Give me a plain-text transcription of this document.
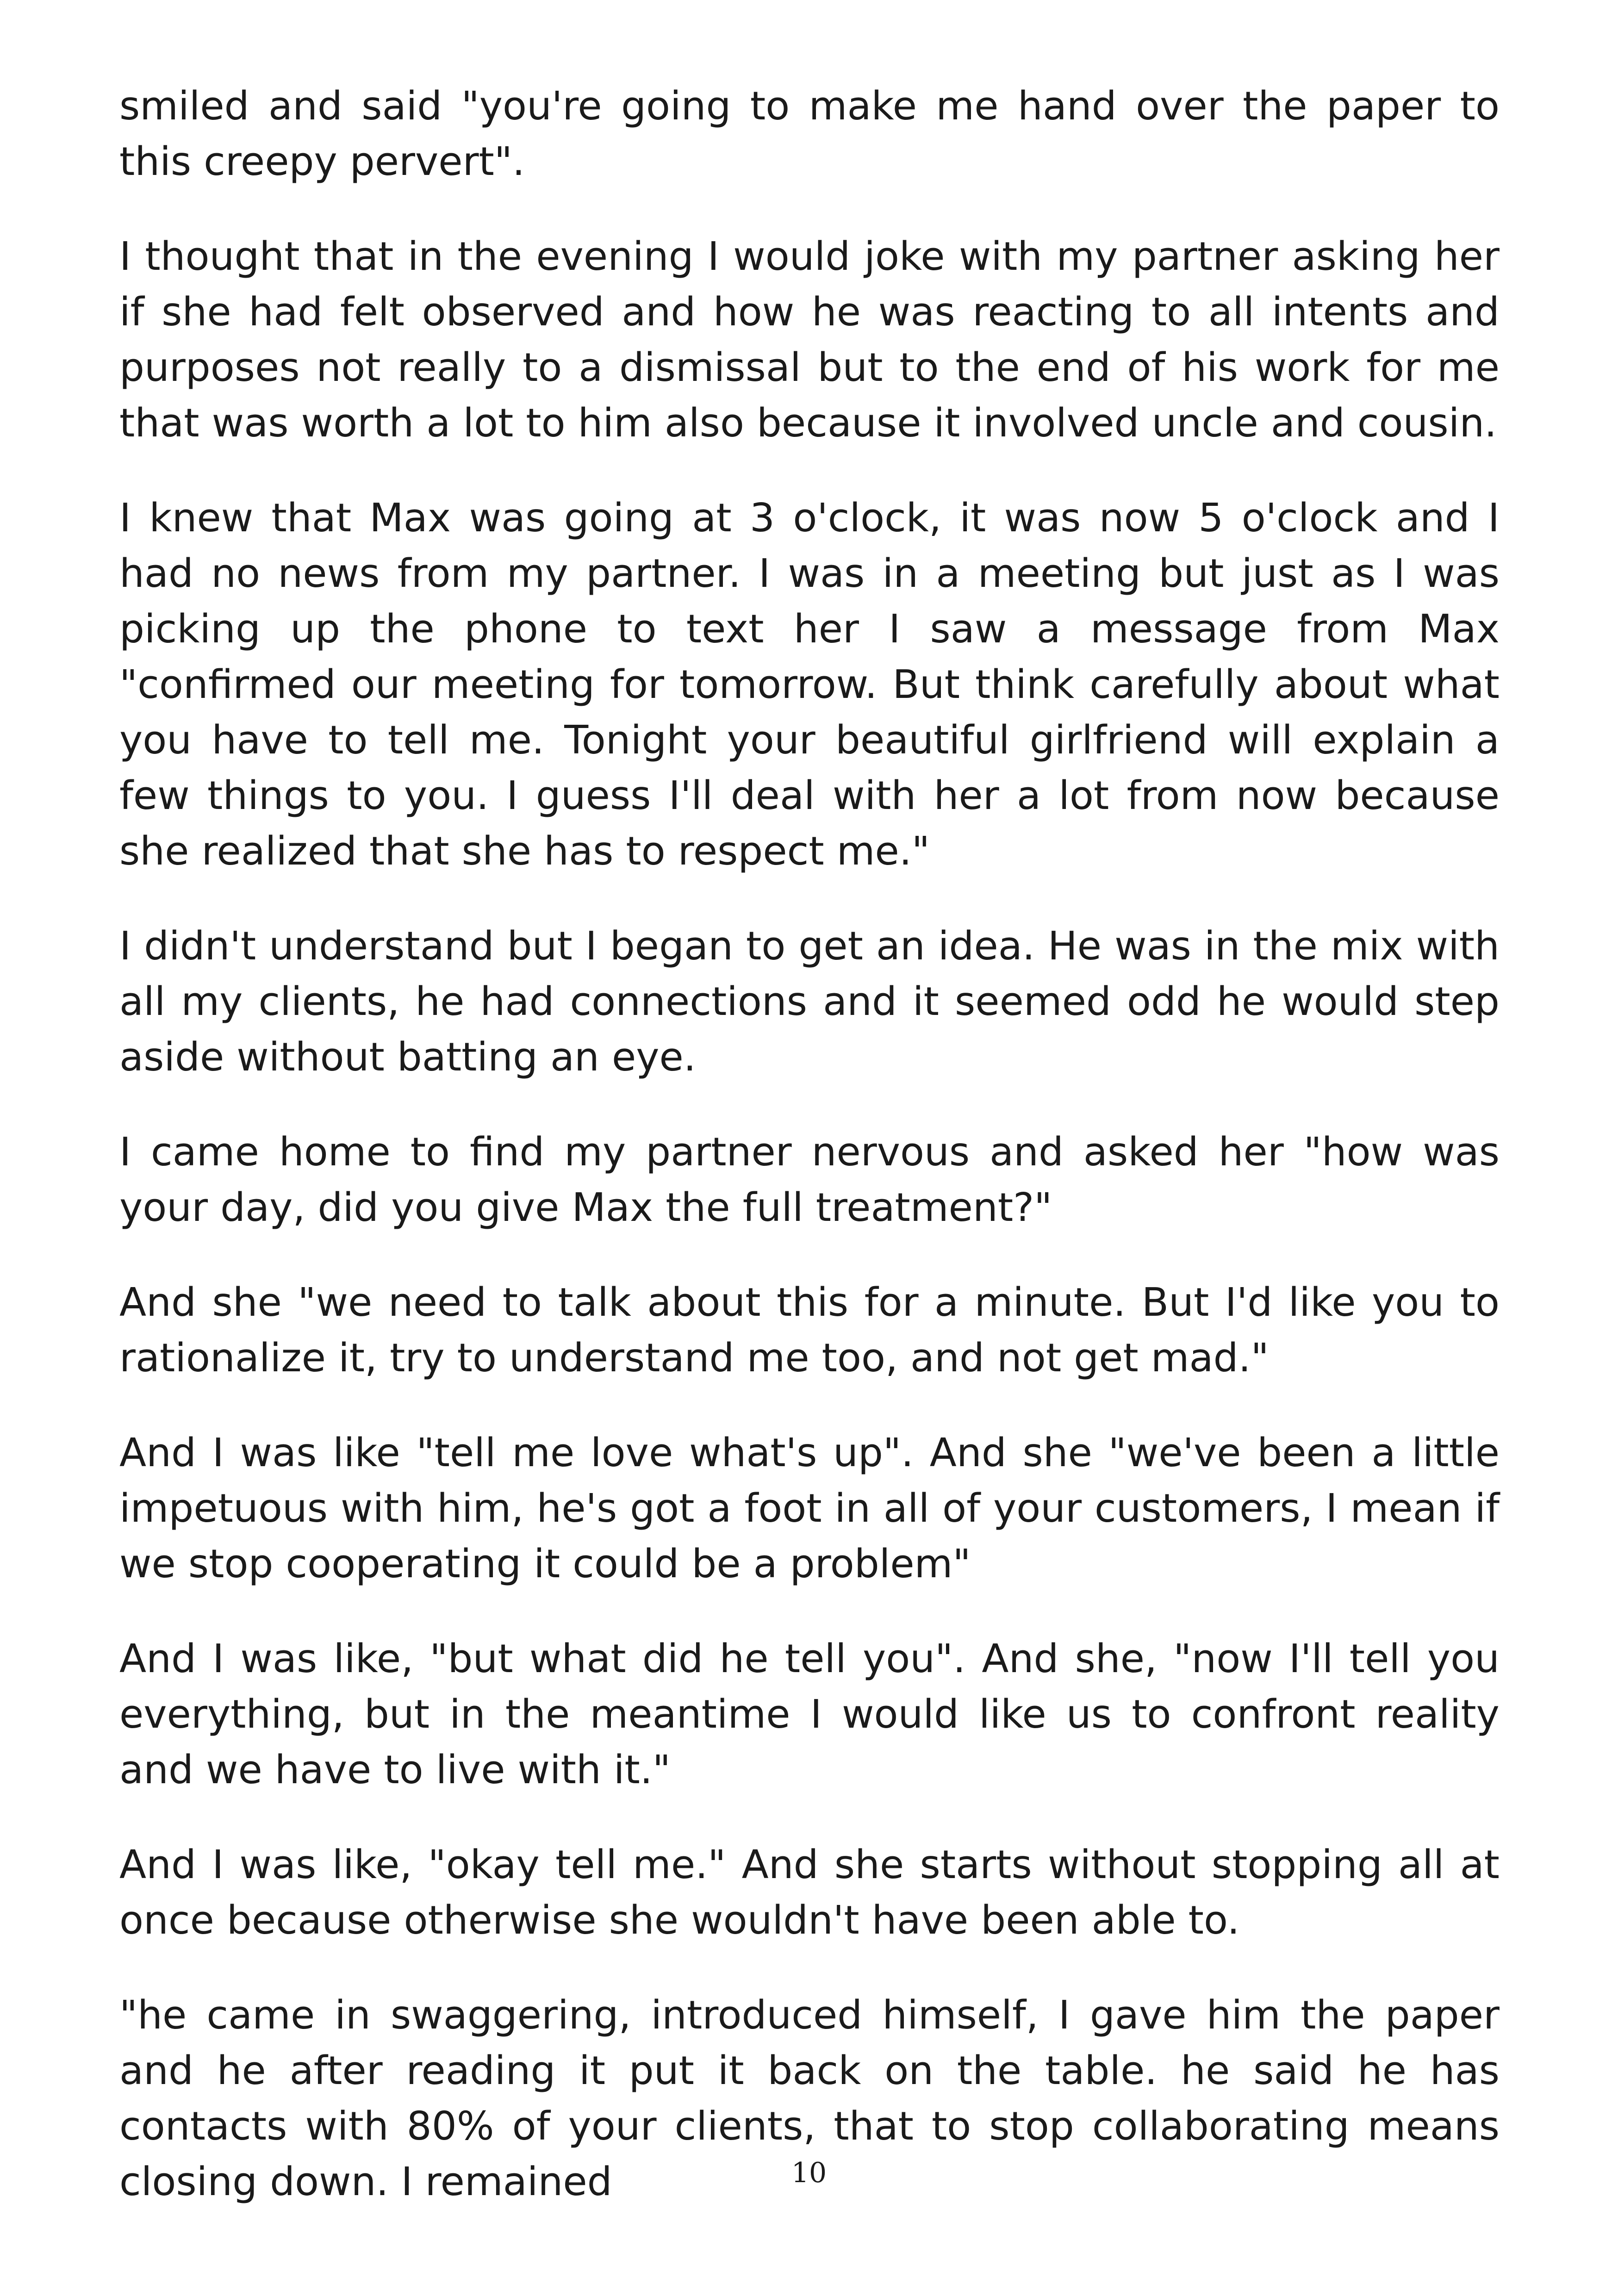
smiled and said "you're going to make me hand over the paper to this creepy pervert".

I thought that in the evening I would joke with my partner asking her if she had felt observed and how he was reacting to all intents and purposes not really to a dismissal but to the end of his work for me that was worth a lot to him also because it involved uncle and cousin.

I knew that Max was going at 3 o'clock, it was now 5 o'clock and I had no news from my partner. I was in a meeting but just as I was picking up the phone to text her I saw a message from Max "confirmed our meeting for tomorrow. But think carefully about what you have to tell me. Tonight your beautiful girlfriend will explain a few things to you. I guess I'll deal with her a lot from now because she realized that she has to respect me."

I didn't understand but I began to get an idea. He was in the mix with all my clients, he had connections and it seemed odd he would step aside without batting an eye.

I came home to find my partner nervous and asked her "how was your day, did you give Max the full treatment?"

And she "we need to talk about this for a minute. But I'd like you to rationalize it, try to understand me too, and not get mad."

And I was like "tell me love what's up". And she "we've been a little impetuous with him, he's got a foot in all of your customers, I mean if we stop cooperating it could be a problem"

And I was like, "but what did he tell you". And she, "now I'll tell you everything, but in the meantime I would like us to confront reality and we have to live with it."

And I was like, "okay tell me." And she starts without stopping all at once because otherwise she wouldn't have been able to.

"he came in swaggering, introduced himself, I gave him the paper and he after reading it put it back on the table. he said he has contacts with 80% of your clients, that to stop collaborating means closing down. I remained	10
